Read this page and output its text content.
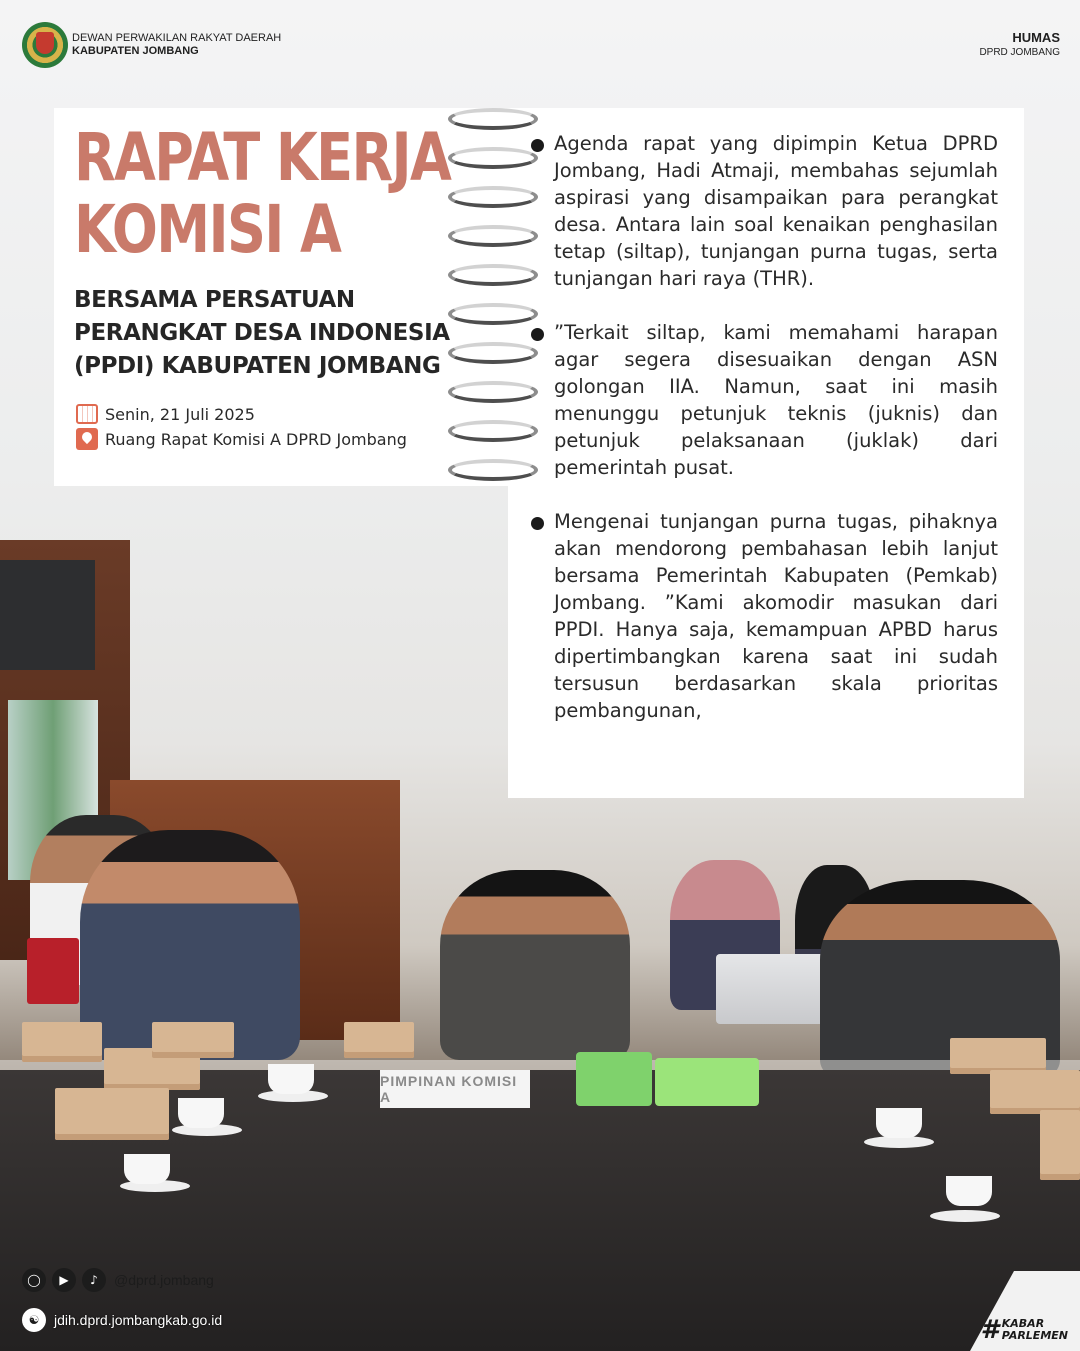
PIMPINAN KOMISI A
DEWAN PERWAKILAN RAKYAT DAERAH
KABUPATEN JOMBANG
HUMAS
DPRD JOMBANG
RAPAT KERJA
KOMISI A
BERSAMA PERSATUAN PERANGKAT DESA INDONESIA (PPDI) KABUPATEN JOMBANG
Senin, 21 Juli 2025
Ruang Rapat Komisi A DPRD Jombang
Agenda rapat yang dipimpin Ketua DPRD Jombang, Hadi Atmaji, membahas sejumlah aspirasi yang disampaikan para perangkat desa. Antara lain soal kenaikan penghasilan tetap (siltap), tunjangan purna tugas, serta tunjangan hari raya (THR).
”Terkait siltap, kami memahami harapan agar segera disesuaikan dengan ASN golongan IIA. Namun, saat ini masih menunggu petunjuk teknis (juknis) dan petunjuk pelaksanaan (juklak) dari pemerintah pusat.
Mengenai tunjangan purna tugas, pihaknya akan mendorong pembahasan lebih lanjut bersama Pemerintah Kabupaten (Pemkab) Jombang. ”Kami akomodir masukan dari PPDI. Hanya saja, kemampuan APBD harus dipertimbangkan karena saat ini sudah tersusun berdasarkan skala prioritas pembangunan,
◯	▶	♪	@dprd.jombang
☯	jdih.dprd.jombangkab.go.id	# KABAR
PARLEMEN
